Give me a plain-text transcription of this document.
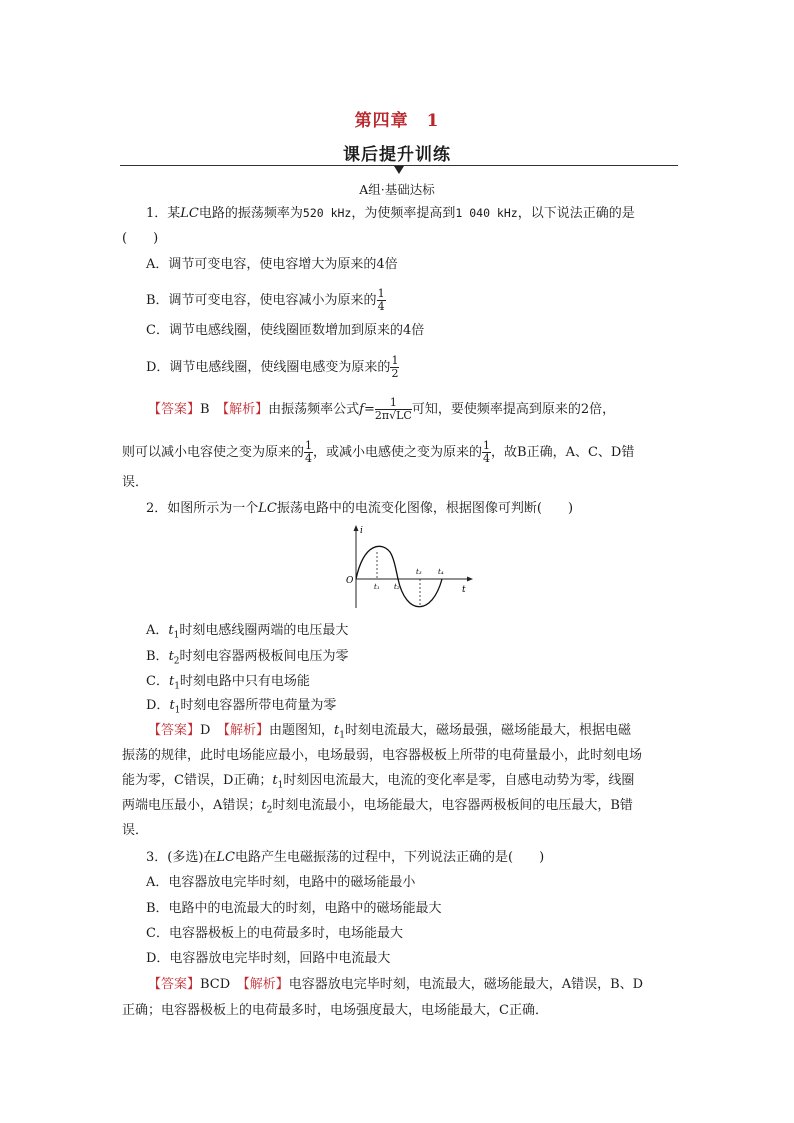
第四章　1
课后提升训练
A组·基础达标
1．某LC电路的振荡频率为520 kHz，为使频率提高到1 040 kHz，以下说法正确的是
(　　)
A．调节可变电容，使电容增大为原来的4倍
B．调节可变电容，使电容减小为原来的 $\frac{1}{4}$
C．调节电感线圈，使线圈匝数增加到原来的4倍
D．调节电感线圈，使线圈电感变为原来的 $\frac{1}{2}$
【答案】B　 【解析】由振荡频率公式$f= \frac{1}{2\pi√LC}$ 可知，要使频率提高到原来的2倍，
则可以减小电容使之变为原来的 $\frac{1}{4}$ ，或减小电感使之变为原来的 $\frac{1}{4}$ ，故B正确，A、C、D错
误．
2．如图所示为一个LC振荡电路中的电流变化图像，根据图像可判断(　　)
i
O
t
t₁ t₂
t₃ t₄
A．$t_1$时刻电感线圈两端的电压最大
B．$t_2$时刻电容器两极板间电压为零
C．$t_1$时刻电路中只有电场能
D．$t_1$时刻电容器所带电荷量为零
【答案】D　 【解析】由题图知，$t_1$时刻电流最大，磁场最强，磁场能最大，根据电磁
振荡的规律，此时电场能应最小，电场最弱，电容器极板上所带的电荷量最小，此时刻电场
能为零，C错误，D正确；$t_1$时刻因电流最大，电流的变化率是零，自感电动势为零，线圈
两端电压最小，A错误；$t_2$时刻电流最小，电场能最大，电容器两极板间的电压最大，B错
误．
3．(多选)在LC电路产生电磁振荡的过程中，下列说法正确的是(　　)
A．电容器放电完毕时刻，电路中的磁场能最小
B．电路中的电流最大的时刻，电路中的磁场能最大
C．电容器极板上的电荷最多时，电场能最大
D．电容器放电完毕时刻，回路中电流最大
【答案】BCD　 【解析】电容器放电完毕时刻，电流最大，磁场能最大，A错误，B、D
正确；电容器极板上的电荷最多时，电场强度最大，电场能最大，C正确．
